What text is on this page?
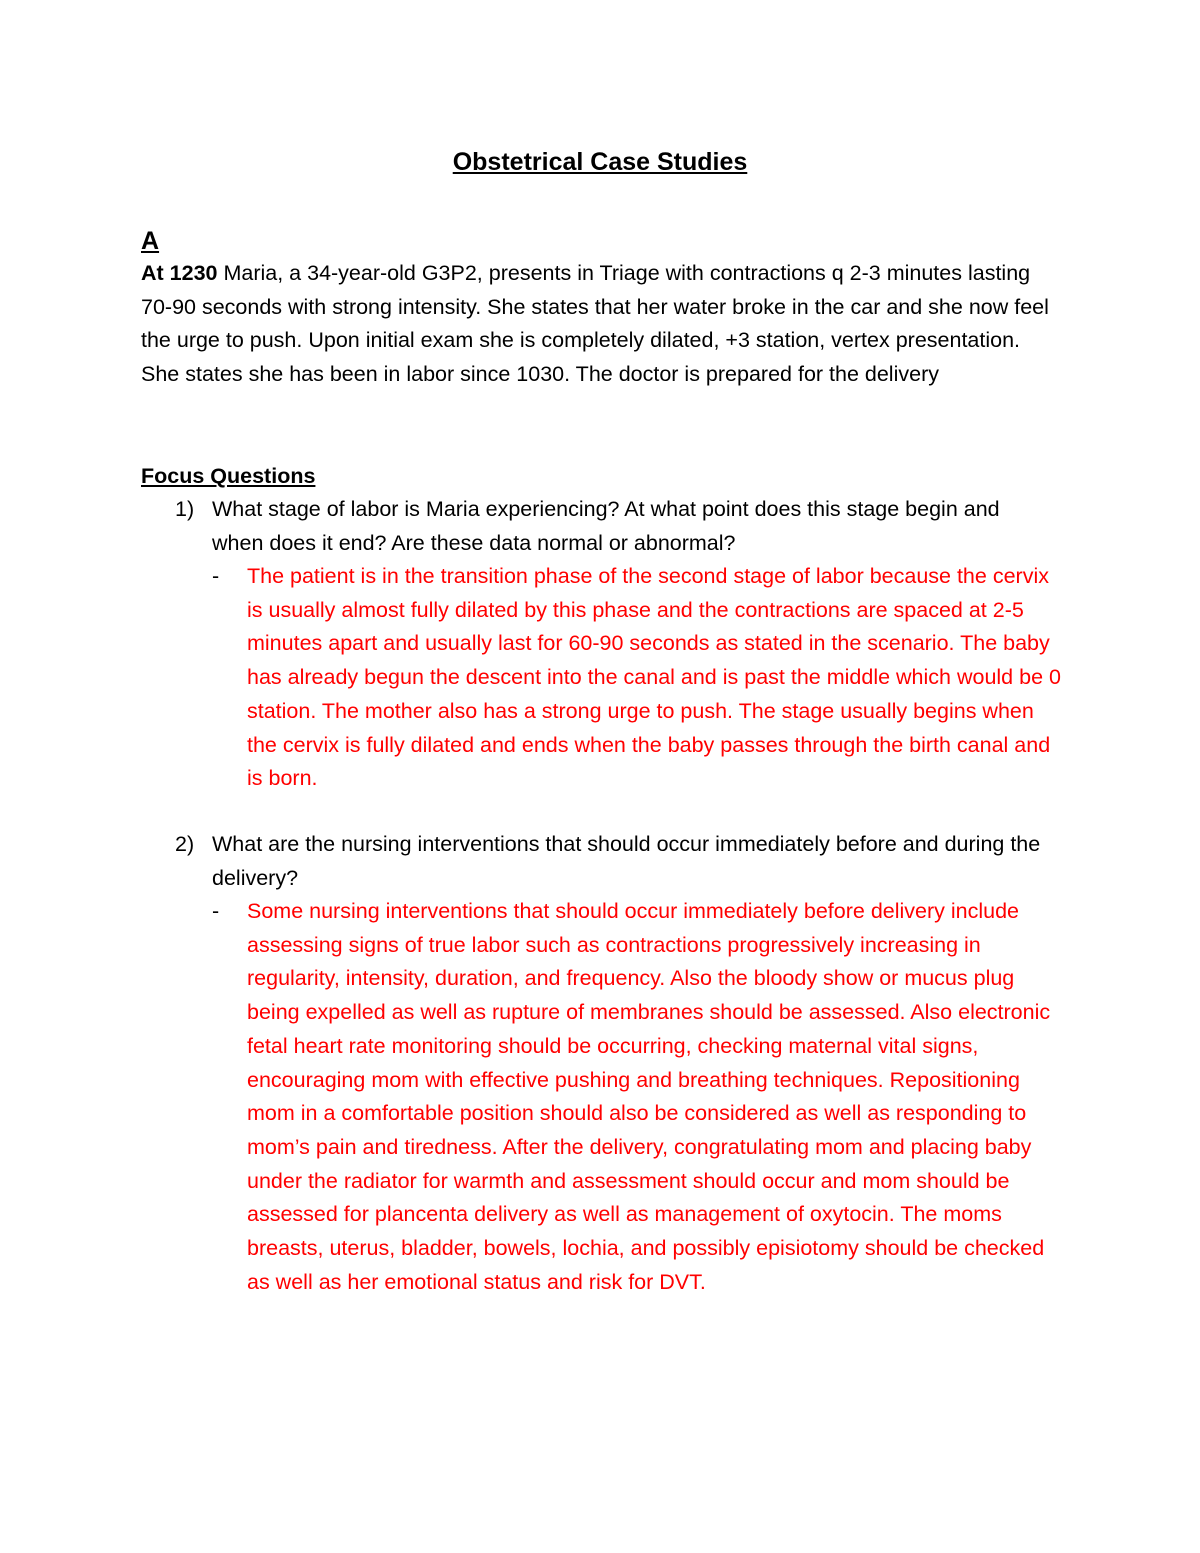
Obstetrical Case Studies
A
At 1230 Maria, a 34-year-old G3P2, presents in Triage with contractions q 2-3 minutes lasting 70-90 seconds with strong intensity. She states that her water broke in the car and she now feel the urge to push. Upon initial exam she is completely dilated, +3 station, vertex presentation. She states she has been in labor since 1030. The doctor is prepared for the delivery
Focus Questions
1) What stage of labor is Maria experiencing? At what point does this stage begin and when does it end? Are these data normal or abnormal?
- The patient is in the transition phase of the second stage of labor because the cervix is usually almost fully dilated by this phase and the contractions are spaced at 2-5 minutes apart and usually last for 60-90 seconds as stated in the scenario. The baby has already begun the descent into the canal and is past the middle which would be 0 station. The mother also has a strong urge to push. The stage usually begins when the cervix is fully dilated and ends when the baby passes through the birth canal and is born.
2) What are the nursing interventions that should occur immediately before and during the delivery?
- Some nursing interventions that should occur immediately before delivery include assessing signs of true labor such as contractions progressively increasing in regularity, intensity, duration, and frequency. Also the bloody show or mucus plug being expelled as well as rupture of membranes should be assessed. Also electronic fetal heart rate monitoring should be occurring, checking maternal vital signs, encouraging mom with effective pushing and breathing techniques. Repositioning mom in a comfortable position should also be considered as well as responding to mom’s pain and tiredness. After the delivery, congratulating mom and placing baby under the radiator for warmth and assessment should occur and mom should be assessed for plancenta delivery as well as management of oxytocin. The moms breasts, uterus, bladder, bowels, lochia, and possibly episiotomy should be checked as well as her emotional status and risk for DVT.
